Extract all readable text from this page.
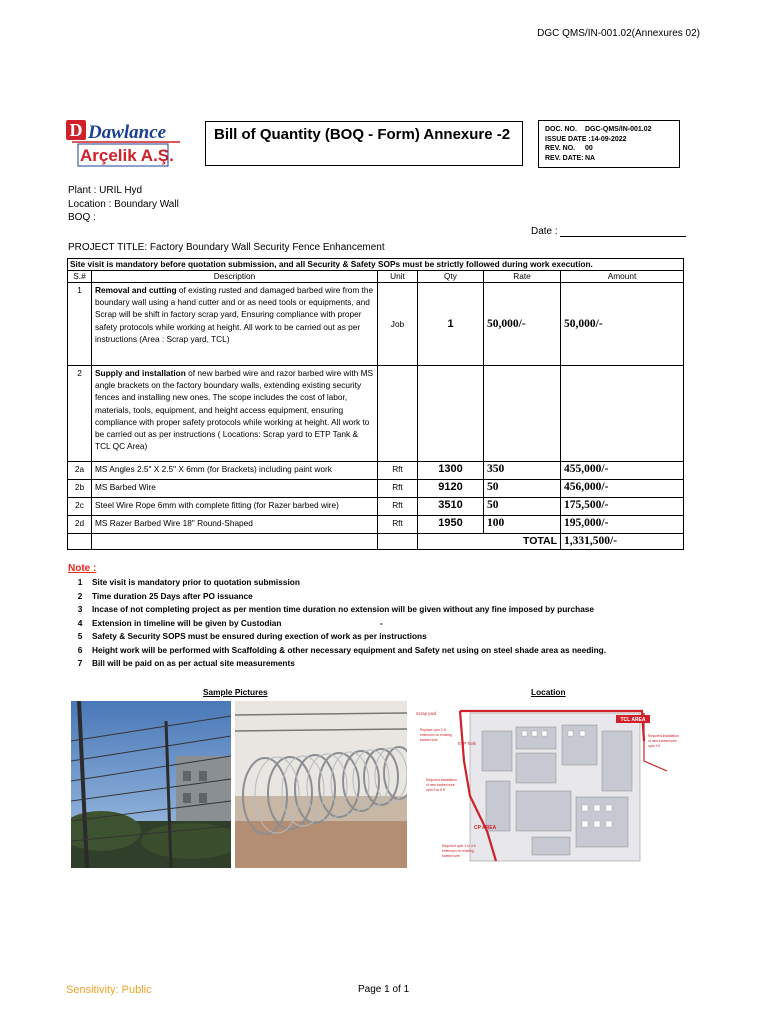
DGC QMS/IN-001.02(Annexures 02)
D Dawlance
Arçelik A.Ş.
Bill of Quantity (BOQ - Form) Annexure -2	DOC. NO.	DGC-QMS/IN-001.02
ISSUE DATE : 14-09-2022
REV. NO.	00
REV. DATE: NA
Plant : URIL Hyd
Location : Boundary Wall
BOQ :
Date :
PROJECT TITLE: Factory Boundary Wall Security Fence Enhancement
Site visit is mandatory before quotation submission, and all Security & Safety SOPs must be strictly followed during work execution.					
S.#	Description	Unit	Qty	Rate	Amount
1	Removal and cutting of existing rusted and damaged barbed wire from the boundary wall using a hand cutter and or as need tools or equipments, and Scrap will be shift in factory scrap yard, Ensuring compliance with proper safety protocols while working at height. All work to be carried out as per instructions (Area : Scrap yard, TCL)	Job	1	50,000/-	50,000/-
2	Supply and installation of new barbed wire and razor barbed wire with MS angle brackets on the factory boundary walls, extending existing security fences and installing new ones. The scope includes the cost of labor, materials, tools, equipment, and height access equipment, ensuring compliance with proper safety protocols while working at height. All work to be carried out as per instructions ( Locations: Scrap yard to ETP Tank & TCL QC Area)				
2a	MS Angles 2.5" X 2.5" X 6mm (for Brackets) including paint work	Rft	1300	350	455,000/-
2b	MS Barbed Wire	Rft	9120	50	456,000/-
2c	Steel Wire Rope 6mm with complete fitting (for Razer barbed wire)	Rft	3510	50	175,500/-
2d	MS Razer Barbed Wire 18" Round-Shaped	Rft	1950	100	195,000/-
			TOTAL		1,331,500/-
Note :
1	Site visit is mandatory prior to quotation submission
2	Time duration 25 Days after PO issuance
3	Incase of not completing project as per mention time duration no extension will be given without any fine imposed by purchase
4	Extension in timeline will be given by Custodian	-
5	Safety & Security SOPS must be ensured during exection of work as per instructions
6	Height work will be performed with Scaffolding & other necessary equipment and Safety net using on steel shade area as needing.
7	Bill will be paid on as per actual site measurements
Sample Pictures	Location
TCL AREA
CP AREA
Scrap yard
ETP Tank
Replace upto 2 ft
extension on existing
barbed wire
Required Installation
of new barbed wire
upto 6 to 8 ft
Required upto 3 to 4 ft
extension on existing
barbed wire
Required installation
of new barbed wire
upto 3 ft
Sensitivity: Public	Page 1 of 1
